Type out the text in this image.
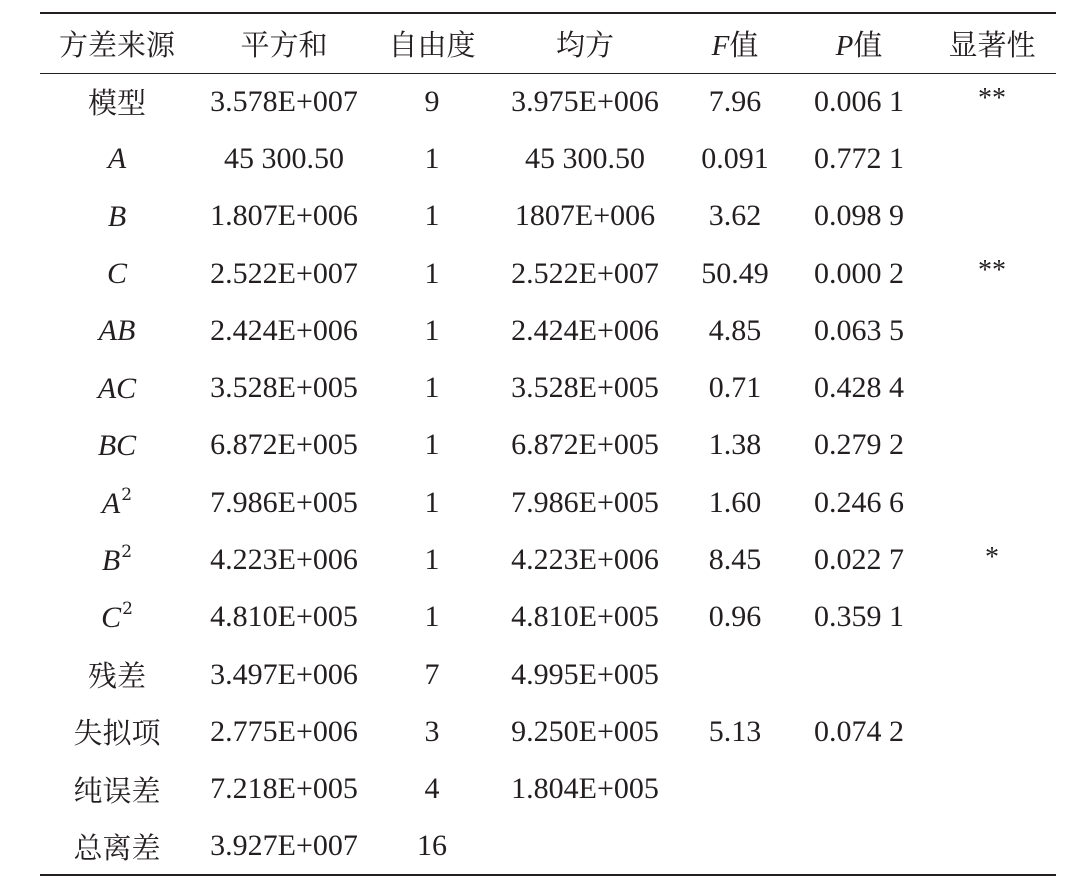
方差来源	平方和	自由度	均方	F值	P值	显著性
模型	3.578E+007	9	3.975E+006	7.96	0.006 1	**
A	45 300.50	1	45 300.50	0.091	0.772 1	
B	1.807E+006	1	1807E+006	3.62	0.098 9	
C	2.522E+007	1	2.522E+007	50.49	0.000 2	**
AB	2.424E+006	1	2.424E+006	4.85	0.063 5	
AC	3.528E+005	1	3.528E+005	0.71	0.428 4	
BC	6.872E+005	1	6.872E+005	1.38	0.279 2	
$A^2$	7.986E+005	1	7.986E+005	1.60	0.246 6	
$B^2$	4.223E+006	1	4.223E+006	8.45	0.022 7	*
$C^2$	4.810E+005	1	4.810E+005	0.96	0.359 1	
残差	3.497E+006	7	4.995E+005			
失拟项	2.775E+006	3	9.250E+005	5.13	0.074 2	
纯误差	7.218E+005	4	1.804E+005			
总离差	3.927E+007	16				
